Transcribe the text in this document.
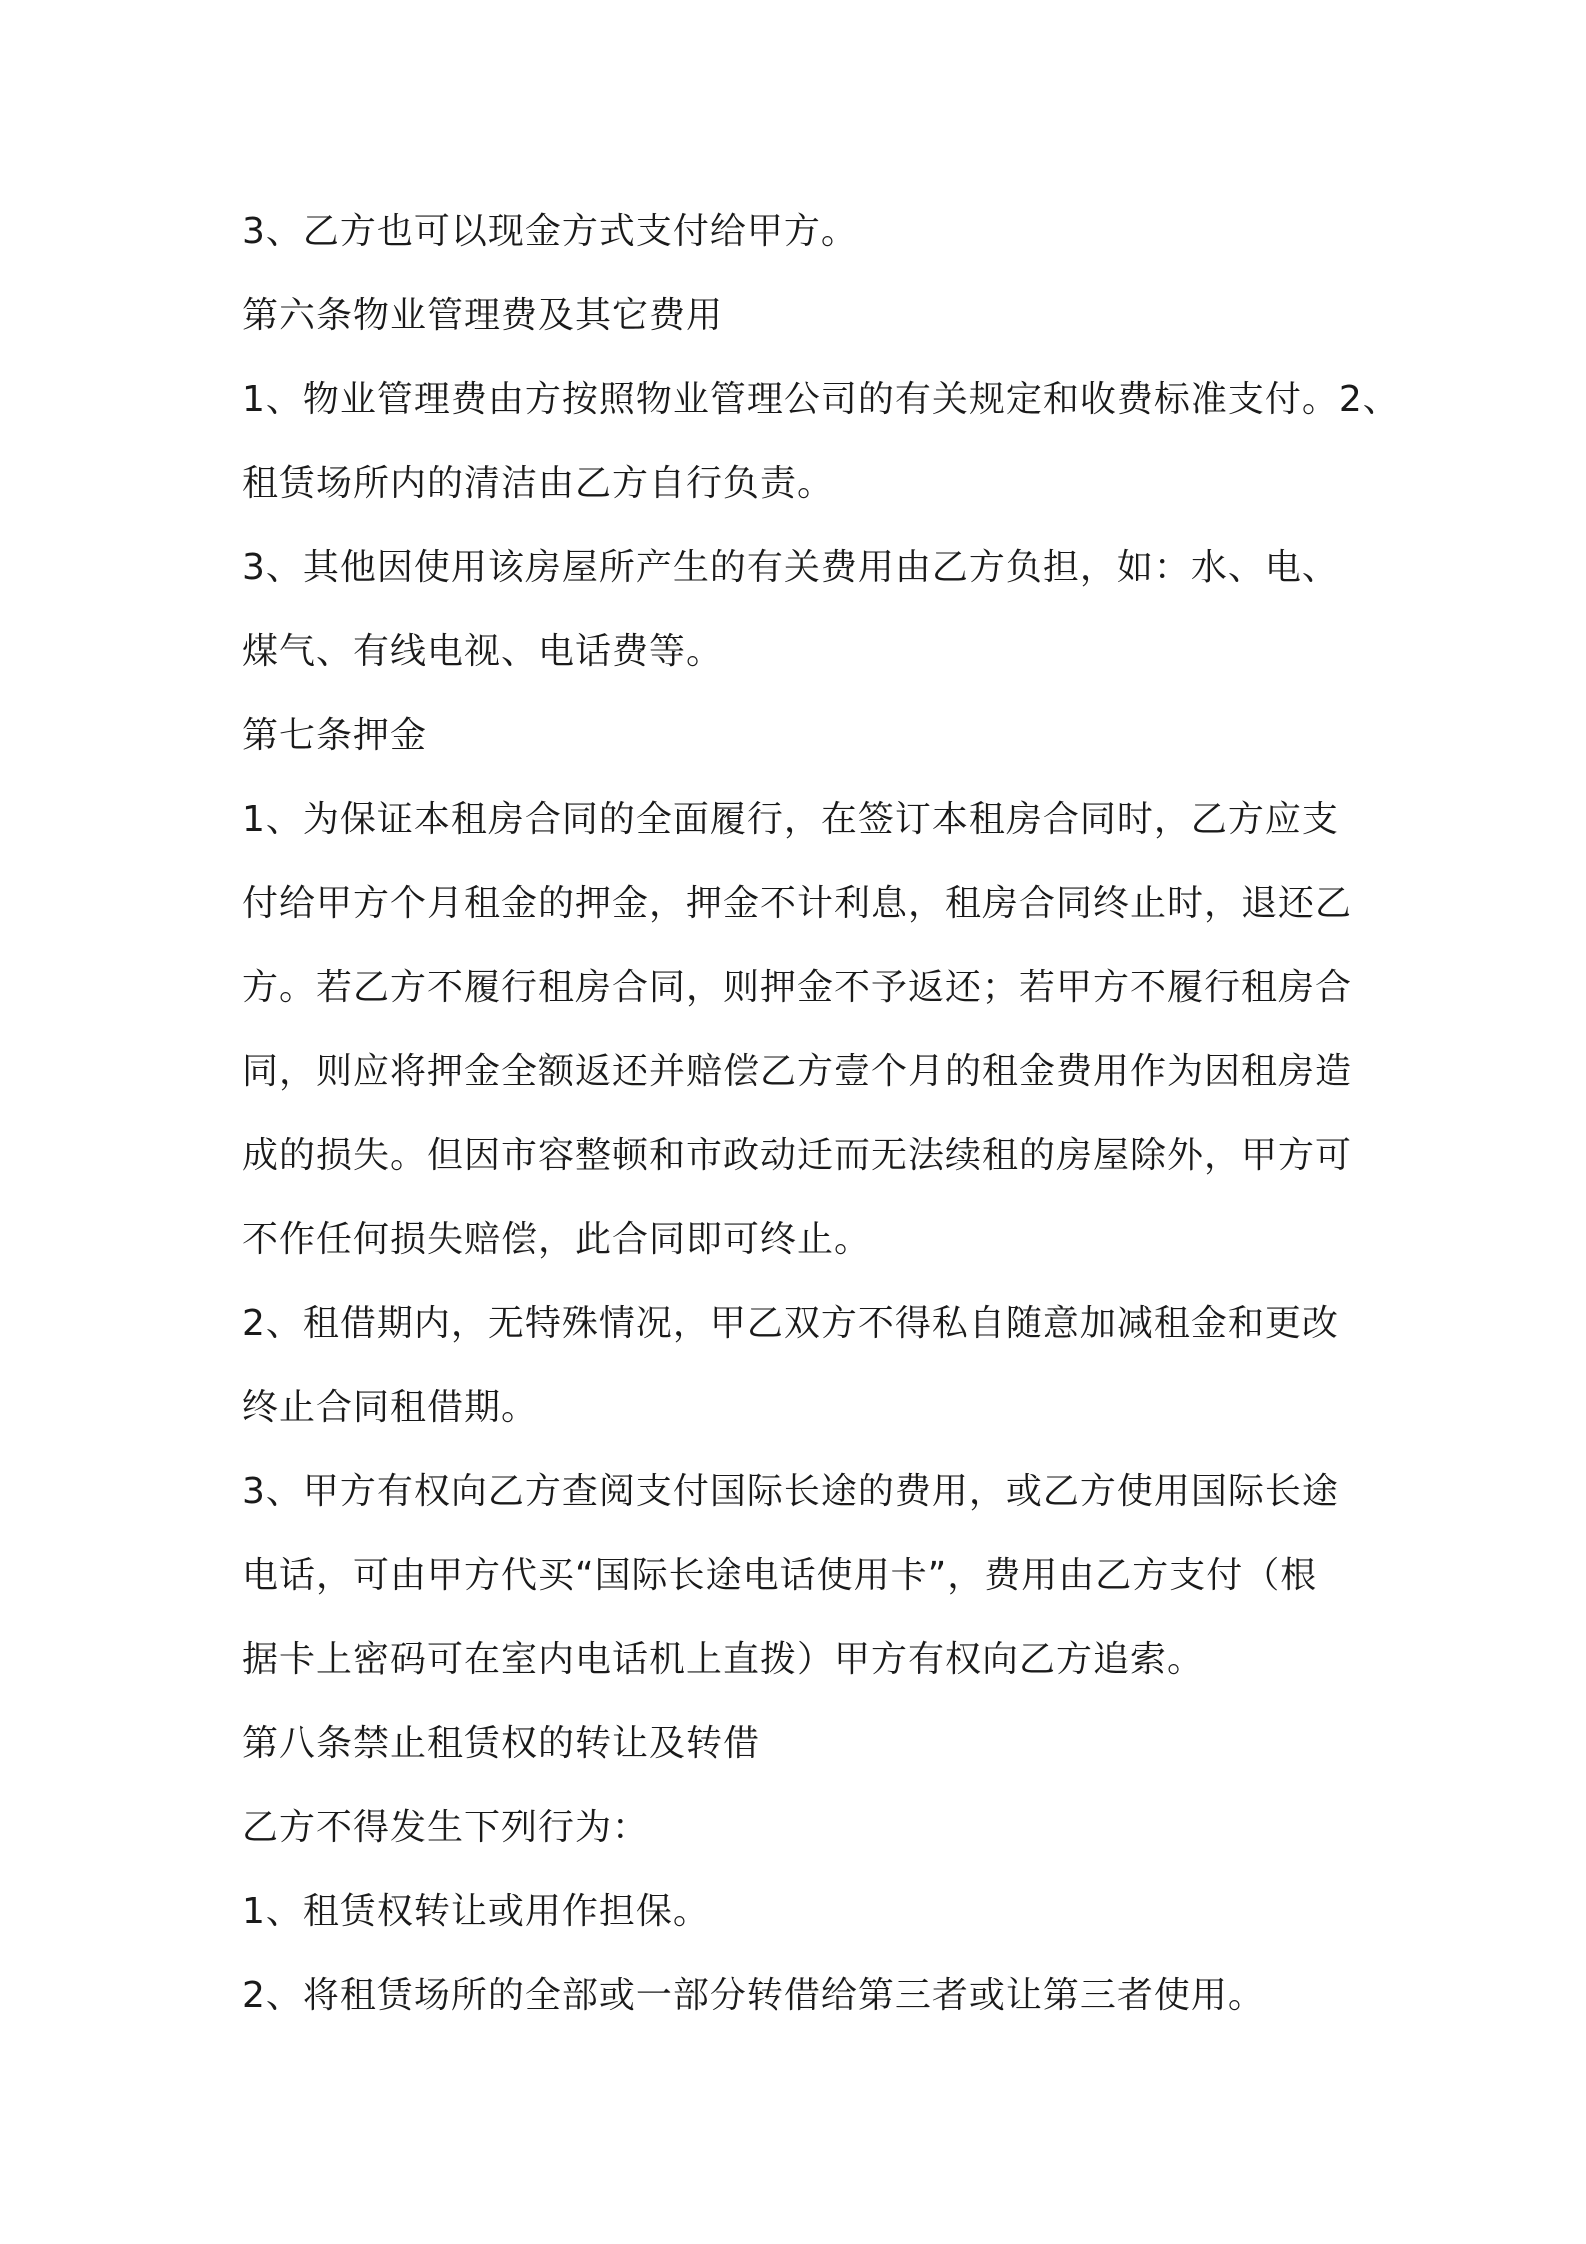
3、乙方也可以现金方式支付给甲方。
第六条物业管理费及其它费用
1、物业管理费由方按照物业管理公司的有关规定和收费标准支付。2、
租赁场所内的清洁由乙方自行负责。
3、其他因使用该房屋所产生的有关费用由乙方负担，如：水、电、
煤气、有线电视、电话费等。
第七条押金
1、为保证本租房合同的全面履行，在签订本租房合同时，乙方应支
付给甲方个月租金的押金，押金不计利息，租房合同终止时，退还乙
方。若乙方不履行租房合同，则押金不予返还；若甲方不履行租房合
同，则应将押金全额返还并赔偿乙方壹个月的租金费用作为因租房造
成的损失。但因市容整顿和市政动迁而无法续租的房屋除外，甲方可
不作任何损失赔偿，此合同即可终止。
2、租借期内，无特殊情况，甲乙双方不得私自随意加减租金和更改
终止合同租借期。
3、甲方有权向乙方查阅支付国际长途的费用，或乙方使用国际长途
电话，可由甲方代买“国际长途电话使用卡”，费用由乙方支付（根
据卡上密码可在室内电话机上直拨）甲方有权向乙方追索。
第八条禁止租赁权的转让及转借
乙方不得发生下列行为：
1、租赁权转让或用作担保。
2、将租赁场所的全部或一部分转借给第三者或让第三者使用。
